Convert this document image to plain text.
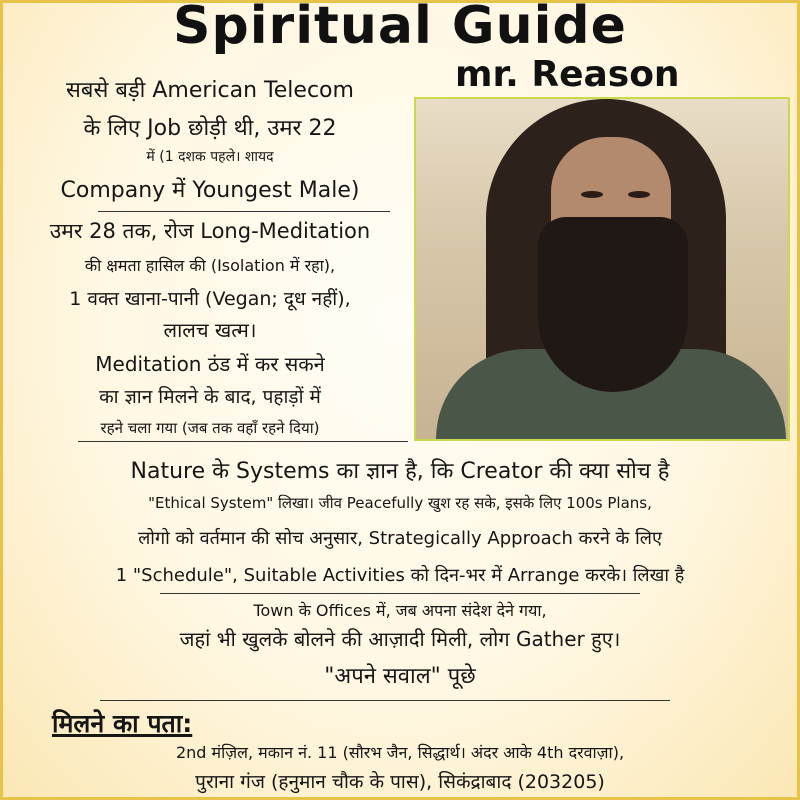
Spiritual Guide
mr. Reason
सबसे बड़ी American Telecom
के लिए Job छोड़ी थी, उमर 22
में (1 दशक पहले। शायद
Company में Youngest Male)
उमर 28 तक, रोज Long-Meditation
की क्षमता हासिल की (Isolation में रहा),
1 वक्त खाना-पानी (Vegan; दूध नहीं),
लालच खत्म।
Meditation ठंड में कर सकने
का ज्ञान मिलने के बाद, पहाड़ों में
रहने चला गया (जब तक वहाँ रहने दिया)
Nature के Systems का ज्ञान है, कि Creator की क्या सोच है
"Ethical System" लिखा। जीव Peacefully खुश रह सके, इसके लिए 100s Plans,
लोगो को वर्तमान की सोच अनुसार, Strategically Approach करने के लिए
1 "Schedule", Suitable Activities को दिन-भर में Arrange करके। लिखा है
Town के Offices में, जब अपना संदेश देने गया,
जहां भी खुलके बोलने की आज़ादी मिली, लोग Gather हुए।
"अपने सवाल" पूछे
मिलने का पता:
2nd मंज़िल, मकान नं. 11 (सौरभ जैन, सिद्धार्थ। अंदर आके 4th दरवाज़ा),
पुराना गंज (हनुमान चौक के पास), सिकंद्राबाद (203205)
